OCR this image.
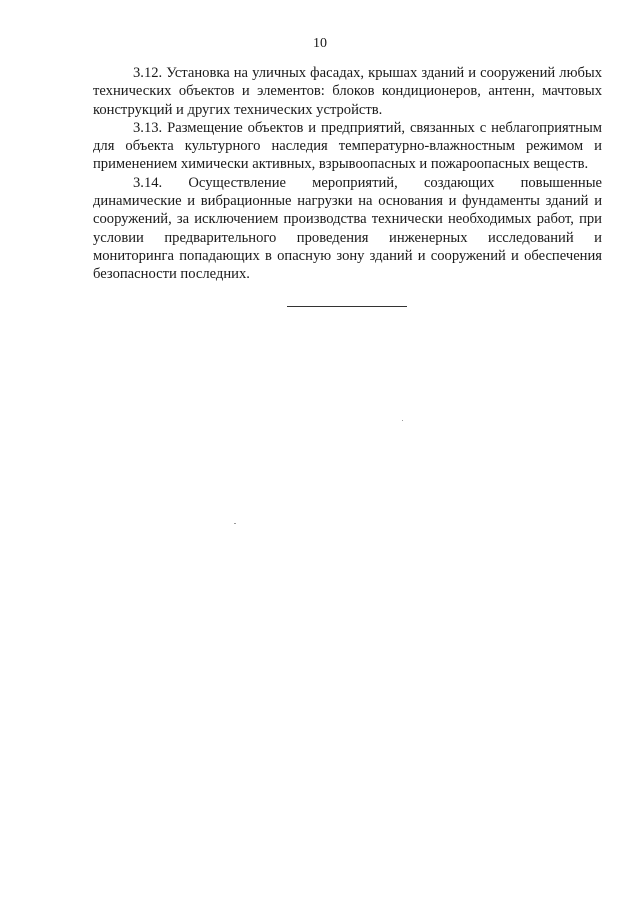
10

3.12. Установка на уличных фасадах, крышах зданий и сооружений любых технических объектов и элементов: блоков кондиционеров, антенн, мачтовых конструкций и других технических устройств.

3.13. Размещение объектов и предприятий, связанных с неблагоприятным для объекта культурного наследия температурно-влажностным режимом и применением химически активных, взрывоопасных и пожароопасных веществ.

3.14. Осуществление мероприятий, создающих повышенные динамические и вибрационные нагрузки на основания и фундаменты зданий и сооружений, за исключением производства технически необходимых работ, при условии предварительного проведения инженерных исследований и мониторинга попадающих в опасную зону зданий и сооружений и обеспечения безопасности последних.
